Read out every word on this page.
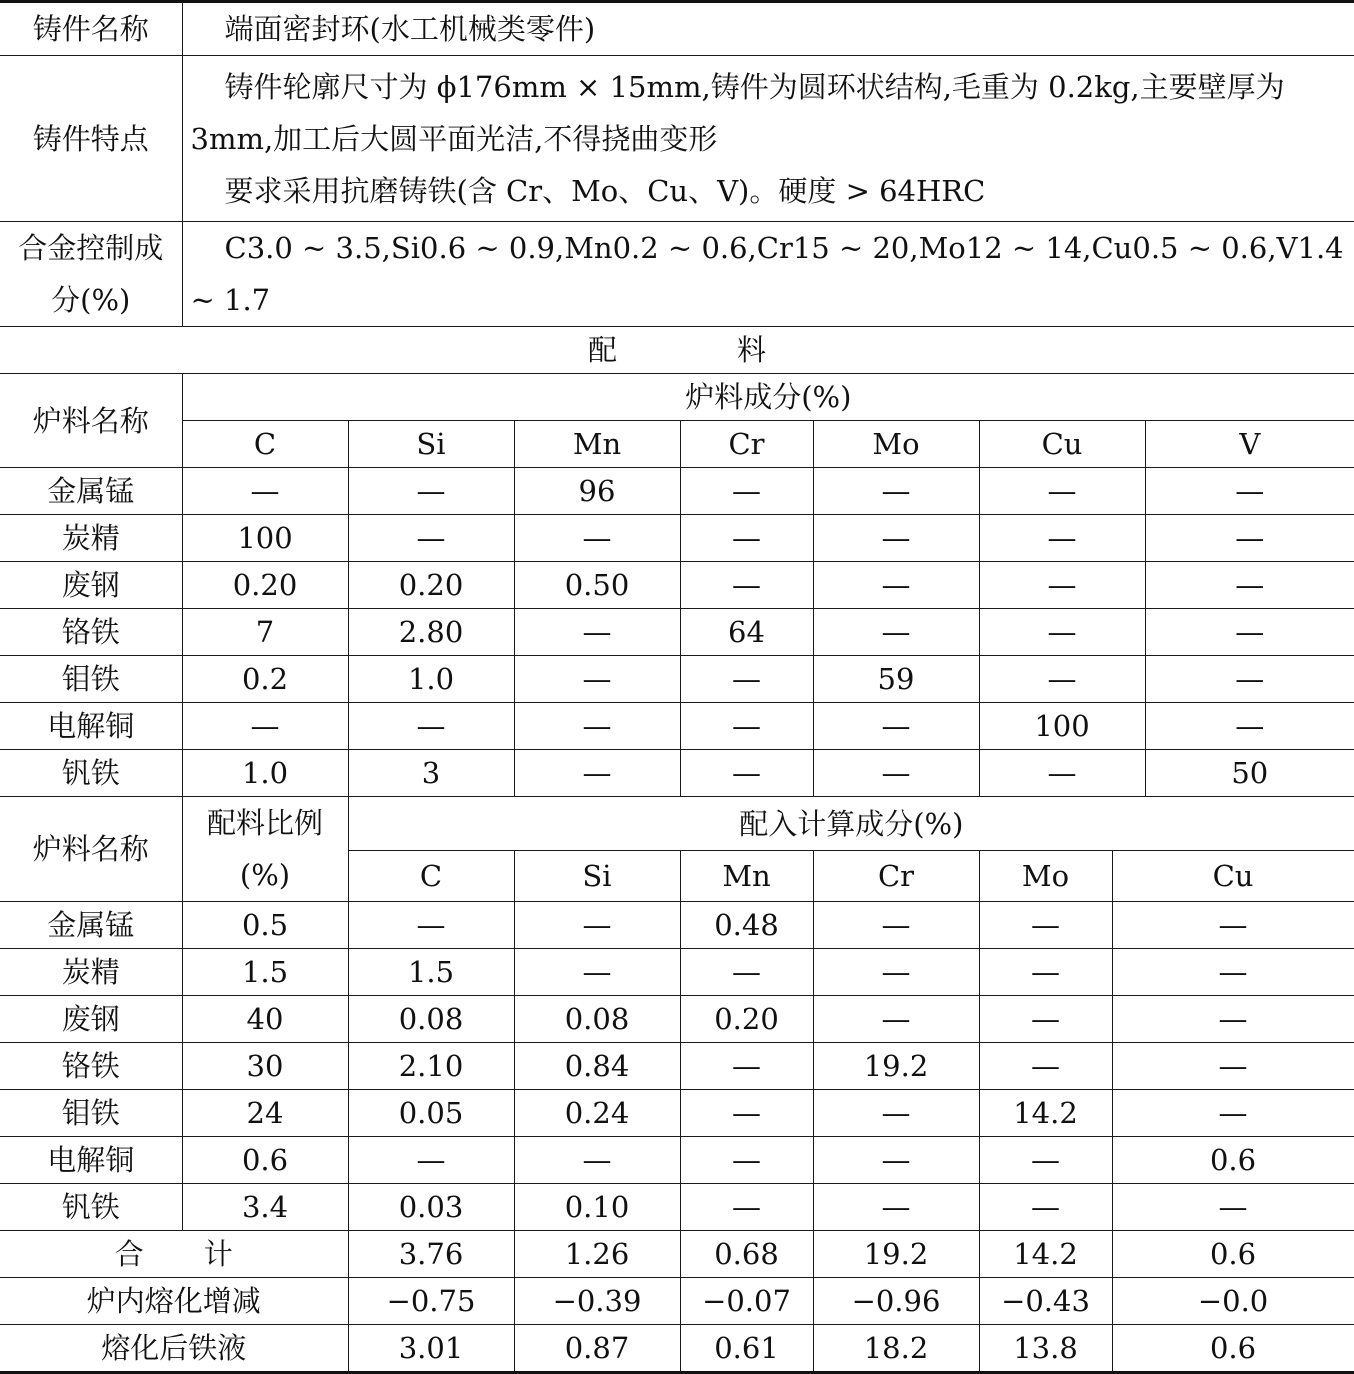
铸件名称	端面密封环(水工机械类零件)								

铸件特点	铸件轮廓尺寸为 ϕ176mm × 15mm,铸件为圆环状结构,毛重为 0.2kg,主要壁厚为 3mm,加工后大圆平面光洁,不得挠曲变形

要求采用抗磨铸铁(含 Cr、Mo、Cu、V)。硬度 > 64HRC								

合金控制成分(%)	C3.0 ~ 3.5,Si0.6 ~ 0.9,Mn0.2 ~ 0.6,Cr15 ~ 20,Mo12 ~ 14,Cu0.5 ~ 0.6,V1.4 ~ 1.7								

配料									
炉料名称	炉料成分(%)								
	C	Si	Mn	Cr	Mo	Cu		V	
金属锰	—	—	96	—	—	—		—	
炭精	100	—	—	—	—	—		—	
废钢	0.20	0.20	0.50	—	—	—		—	
铬铁	7	2.80	—	64	—	—		—	
钼铁	0.2	1.0	—	—	59	—		—	
电解铜	—	—	—	—	—	100		—	
钒铁	1.0	3	—	—	—	—		50	
炉料名称	配料比例(%)	配入计算成分(%)							
		C	Si	Mn	Cr	Mo	Cu	
金属锰	0.5	—	—	0.48	—	—	—	
炭精	1.5	1.5	—	—	—	—	—	
废钢	40	0.08	0.08	0.20	—	—	—	
铬铁	30	2.10	0.84	—	19.2	—	—	
钼铁	24	0.05	0.24	—	—	14.2	—	
电解铜	0.6	—	—	—	—	—	0.6	
钒铁	3.4	0.03	0.10	—	—	—	—	
合计		3.76	1.26	0.68	19.2	14.2	0.6	
炉内熔化增减		−0.75	−0.39	−0.07	−0.96	−0.43	−0.0	
熔化后铁液		3.01	0.87	0.61	18.2	13.8	0.6	
